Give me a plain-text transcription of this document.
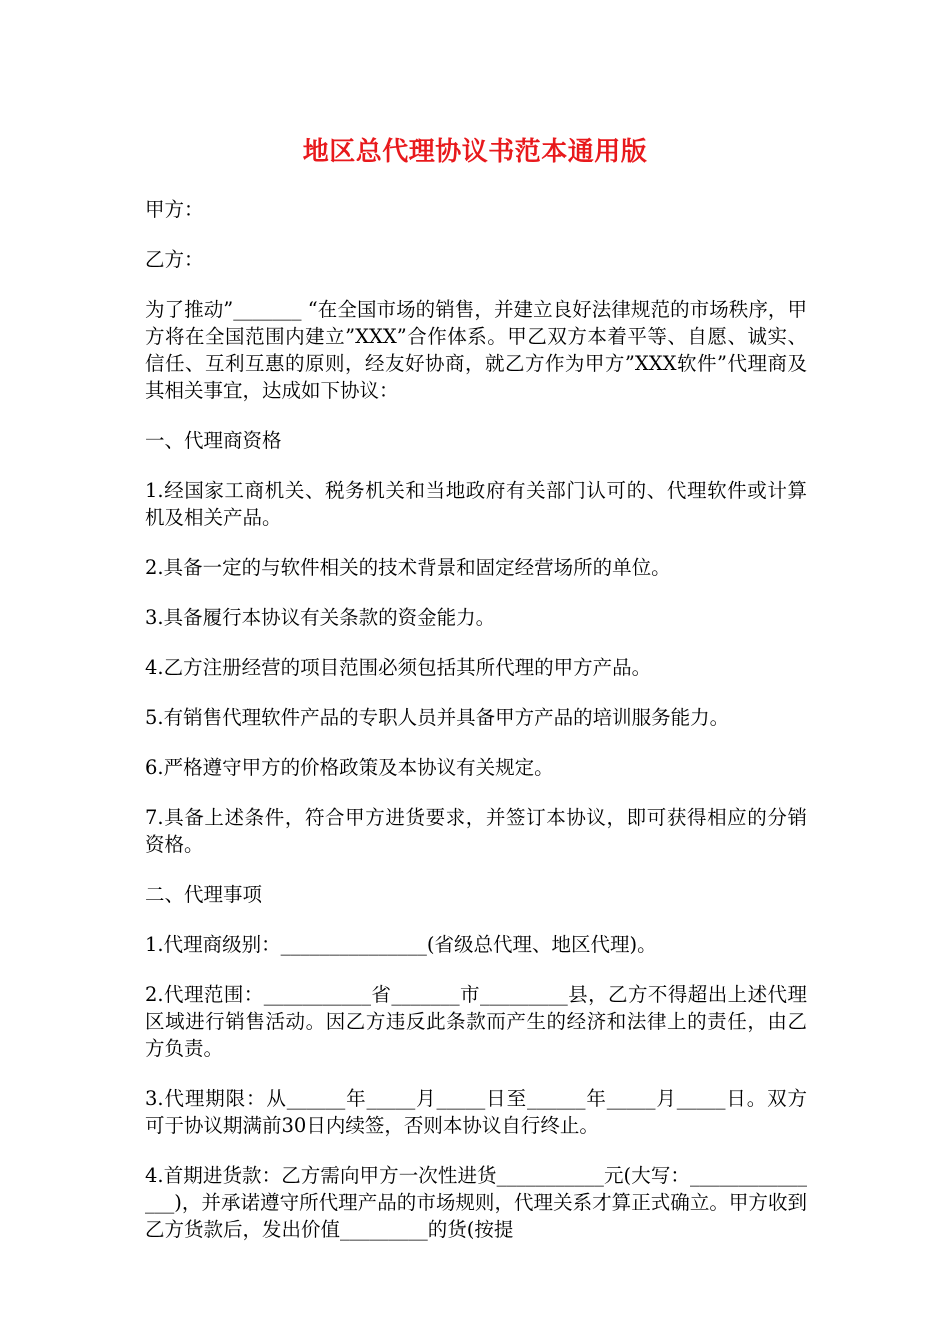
地区总代理协议书范本通用版

甲方：

乙方：

为了推动”_______ “在全国市场的销售，并建立良好法律规范的市场秩序，甲方将在全国范围内建立”XXX”合作体系。甲乙双方本着平等、自愿、诚实、信任、互利互惠的原则，经友好协商，就乙方作为甲方”XXX软件”代理商及其相关事宜，达成如下协议：

一、代理商资格

1.经国家工商机关、税务机关和当地政府有关部门认可的、代理软件或计算机及相关产品。

2.具备一定的与软件相关的技术背景和固定经营场所的单位。

3.具备履行本协议有关条款的资金能力。

4.乙方注册经营的项目范围必须包括其所代理的甲方产品。

5.有销售代理软件产品的专职人员并具备甲方产品的培训服务能力。

6.严格遵守甲方的价格政策及本协议有关规定。

7.具备上述条件，符合甲方进货要求，并签订本协议，即可获得相应的分销资格。

二、代理事项

1.代理商级别：_______________(省级总代理、地区代理)。

2.代理范围：___________省_______市_________县，乙方不得超出上述代理区域进行销售活动。因乙方违反此条款而产生的经济和法律上的责任，由乙方负责。

3.代理期限：从______年_____月_____日至______年_____月_____日。双方可于协议期满前30日内续签，否则本协议自行终止。

4.首期进货款：乙方需向甲方一次性进货___________元(大写：_______________)，并承诺遵守所代理产品的市场规则，代理关系才算正式确立。甲方收到乙方货款后，发出价值_________的货(按提
